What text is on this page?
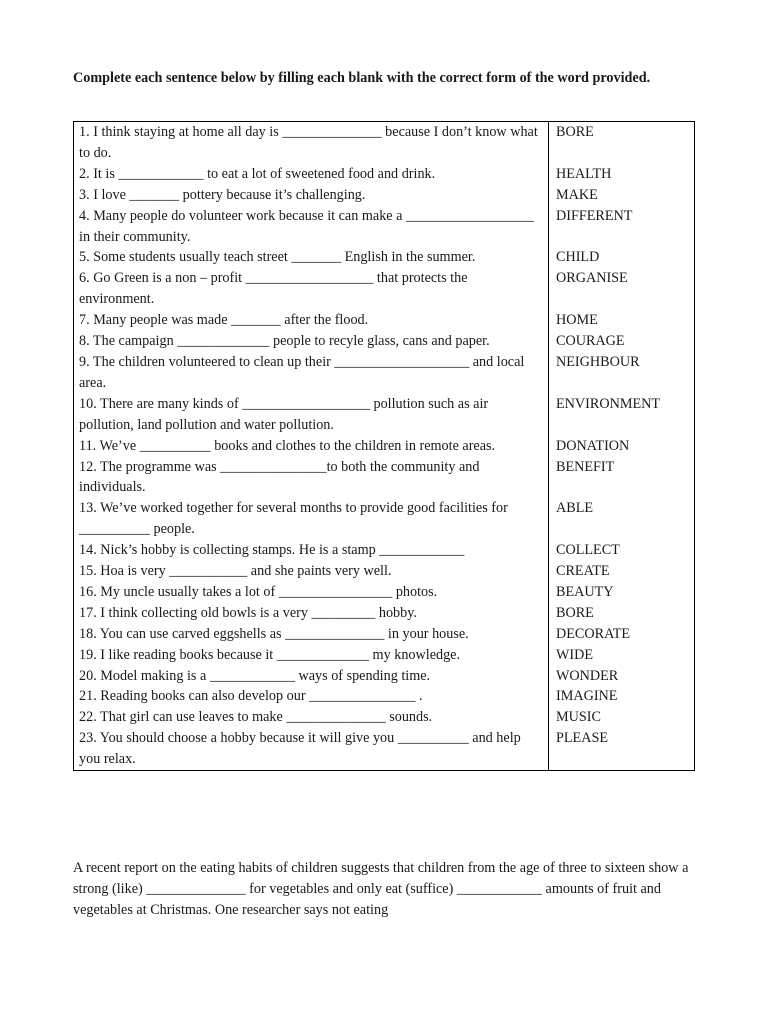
Complete each sentence below by filling each blank with the correct form of the word provided.
1. I think staying at home all day is ______________ because I don’t know what to do.	BORE
2. It is ____________ to eat a lot of sweetened food and drink.	HEALTH
3. I love _______ pottery because it’s challenging.	MAKE
4. Many people do volunteer work because it can make a __________________ in their community.	DIFFERENT
5. Some students usually teach street _______ English in the summer.	CHILD
6. Go Green is a non – profit __________________ that protects the environment.	ORGANISE
7. Many people was made _______ after the flood.	HOME
8. The campaign _____________ people to recyle glass, cans and paper.	COURAGE
9. The children volunteered to clean up their ___________________ and local area.	NEIGHBOUR
10. There are many kinds of __________________ pollution such as air pollution, land pollution and water pollution.	ENVIRONMENT
11. We’ve __________ books and clothes to the children in remote areas.	DONATION
12. The programme was _______________to both the community and individuals.	BENEFIT
13. We’ve worked together for several months to provide good facilities for __________ people.	ABLE
14. Nick’s hobby is collecting stamps. He is a stamp ____________	COLLECT
15. Hoa is very ___________ and she paints very well.	CREATE
16. My uncle usually takes a lot of ________________ photos.	BEAUTY
17. I think collecting old bowls is a very _________ hobby.	BORE
18. You can use carved eggshells as ______________ in your house.	DECORATE
19. I like reading books because it _____________ my knowledge.	WIDE
20. Model making is a ____________ ways of spending time.	WONDER
21. Reading books can also develop our _______________ .	IMAGINE
22. That girl can use leaves to make ______________ sounds.	MUSIC
23. You should choose a hobby because it will give you __________ and help you relax.	PLEASE
A recent report on the eating habits of children suggests that children from the age of three to sixteen show a strong (like) ______________ for vegetables and only eat (suffice) ____________ amounts of fruit and vegetables at Christmas. One researcher says not eating
